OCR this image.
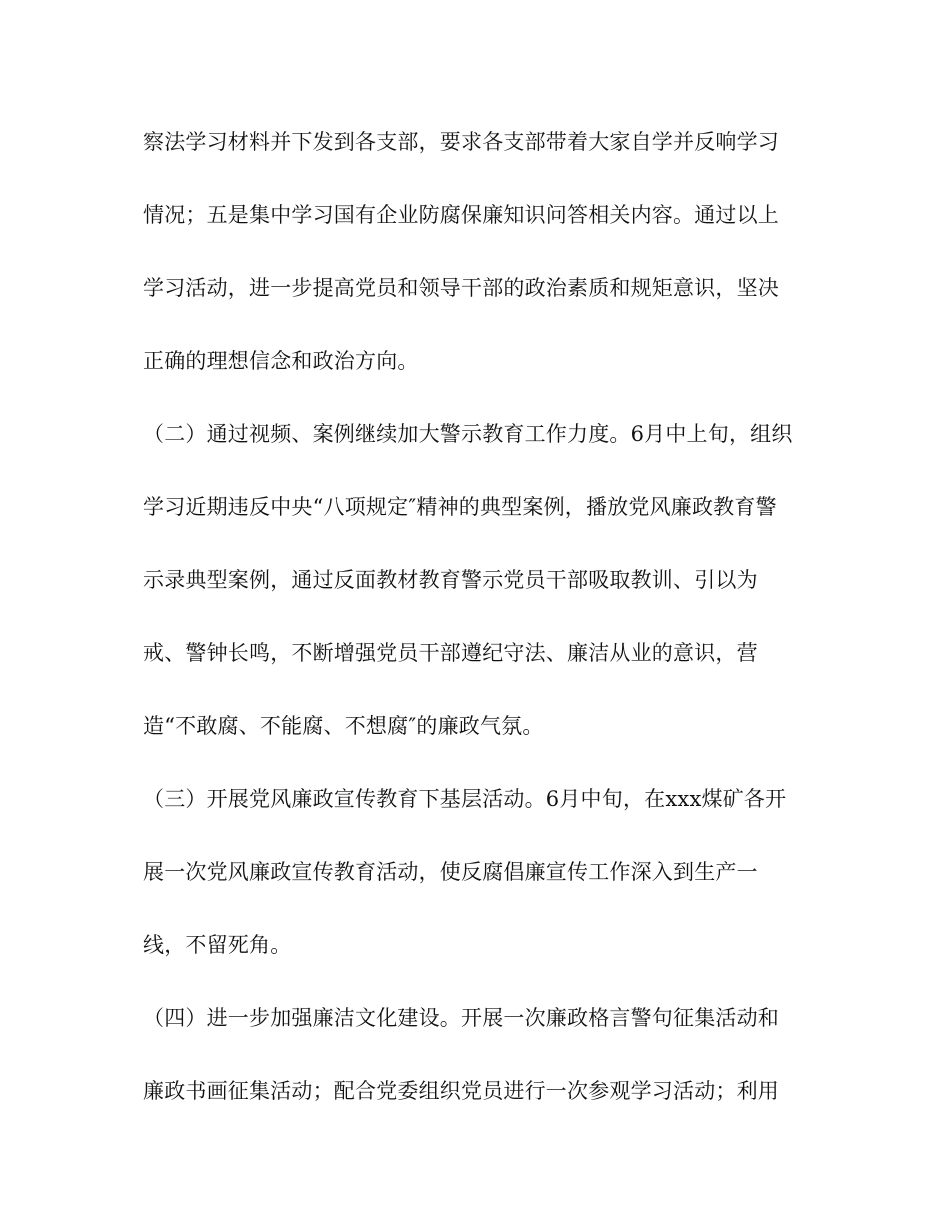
察法学习材料并下发到各支部，要求各支部带着大家自学并反响学习
情况；五是集中学习国有企业防腐保廉知识问答相关内容。通过以上
学习活动，进一步提高党员和领导干部的政治素质和规矩意识，坚决
正确的理想信念和政治方向。
（二）通过视频、案例继续加大警示教育工作力度。6月中上旬，组织
学习近期违反中央“八项规定″精神的典型案例，播放党风廉政教育警
示录典型案例，通过反面教材教育警示党员干部吸取教训、引以为
戒、警钟长鸣，不断增强党员干部遵纪守法、廉洁从业的意识，营
造“不敢腐、不能腐、不想腐″的廉政气氛。
（三）开展党风廉政宣传教育下基层活动。6月中旬，在xxx煤矿各开
展一次党风廉政宣传教育活动，使反腐倡廉宣传工作深入到生产一
线，不留死角。
（四）进一步加强廉洁文化建设。开展一次廉政格言警句征集活动和
廉政书画征集活动；配合党委组织党员进行一次参观学习活动；利用
